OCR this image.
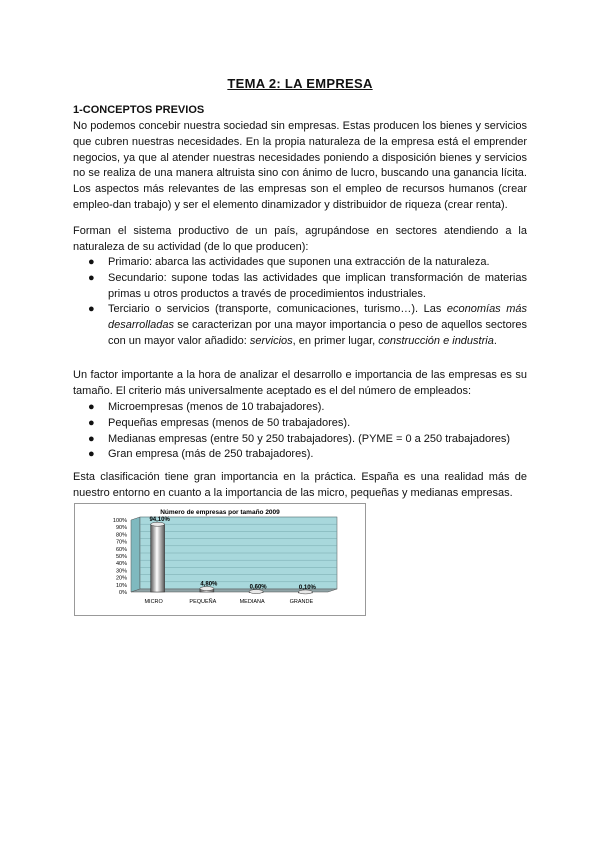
TEMA 2: LA EMPRESA
1-CONCEPTOS PREVIOS

No podemos concebir nuestra sociedad sin empresas. Estas producen los bienes y servicios que cubren nuestras necesidades. En la propia naturaleza de la empresa está el emprender negocios, ya que al atender nuestras necesidades poniendo a disposición bienes y servicios no se realiza de una manera altruista sino con ánimo de lucro, buscando una ganancia lícita. Los aspectos más relevantes de las empresas son el empleo de recursos humanos (crear empleo-dan trabajo) y ser el elemento dinamizador y distribuidor de riqueza (crear renta).

Forman el sistema productivo de un país, agrupándose en sectores atendiendo a la naturaleza de su actividad (de lo que producen):

● Primario: abarca las actividades que suponen una extracción de la naturaleza.
● Secundario: supone todas las actividades que implican transformación de materias primas u otros productos a través de procedimientos industriales.
● Terciario o servicios (transporte, comunicaciones, turismo…). Las economías más desarrolladas se caracterizan por una mayor importancia o peso de aquellos sectores con un mayor valor añadido: servicios, en primer lugar, construcción e industria.

Un factor importante a la hora de analizar el desarrollo e importancia de las empresas es su tamaño. El criterio más universalmente aceptado es el del número de empleados:

● Microempresas (menos de 10 trabajadores).
● Pequeñas empresas (menos de 50 trabajadores).
● Medianas empresas (entre 50 y 250 trabajadores). (PYME = 0 a 250 trabajadores)
● Gran empresa (más de 250 trabajadores).

Esta clasificación tiene gran importancia en la práctica. España es una realidad más de nuestro entorno en cuanto a la importancia de las micro, pequeñas y medianas empresas.

Número de empresas por tamaño 2009
0%
10%
20%
30%
40%
50%
60%
70%
80%
90%
100%	94,10%
MICRO
4,80%
PEQUEÑA
0,60%
MEDIANA
0,10%
GRANDE
